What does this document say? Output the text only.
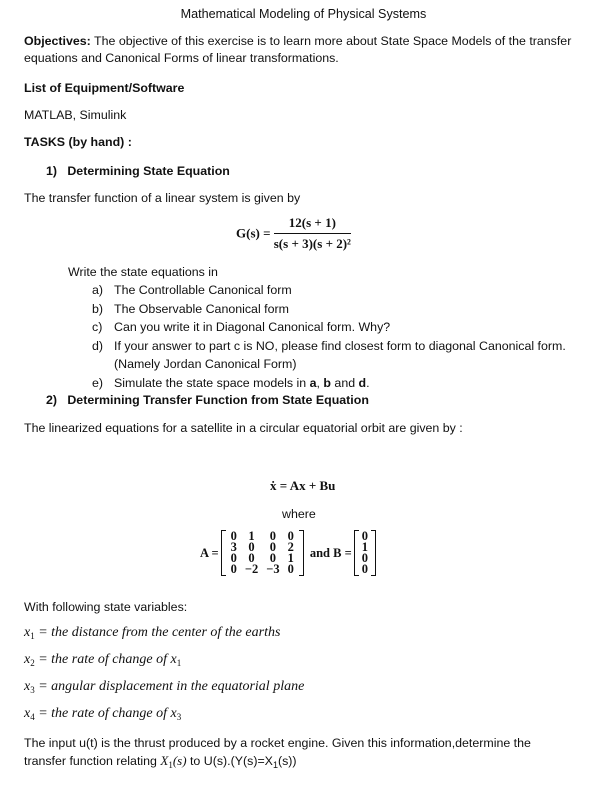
Mathematical Modeling of Physical Systems
Objectives: The objective of this exercise is to learn more about State Space Models of the transfer
equations and Canonical Forms of linear transformations.
List of Equipment/Software
MATLAB, Simulink
TASKS (by hand) :
1) Determining State Equation
The transfer function of a linear system is given by
$G(s) = \frac{12(s + 1)}{\text{s(s + 3)(s + 2)²}}$
Write the state equations in
a) The Controllable Canonical form
b) The Observable Canonical form
c) Can you write it in Diagonal Canonical form. Why?
d) If your answer to part c is NO, please find closest form to diagonal Canonical form.
(Namely Jordan Canonical Form)
e) Simulate the state space models in a, b and d.
2) Determining Transfer Function from State Equation
The linearized equations for a satellite in a circular equatorial orbit are given by :
ẋ = Ax + Bu
where
A =
0	1	0	0
3	0	0	2
0	0	0	1
0	−2	−3	0
and B =
0
1
0
0
With following state variables:
$x_1$ = the distance from the center of the earths
$x_2$ = the rate of change of $x_1$
$x_3$ = angular displacement in the equatorial plane
$x_4$ = the rate of change of $x_3$
The input u(t) is the thrust produced by a rocket engine. Given this information,determine the
transfer function relating $X_1(s)$ to $U(s).(Y(s)=X_1(s))$
